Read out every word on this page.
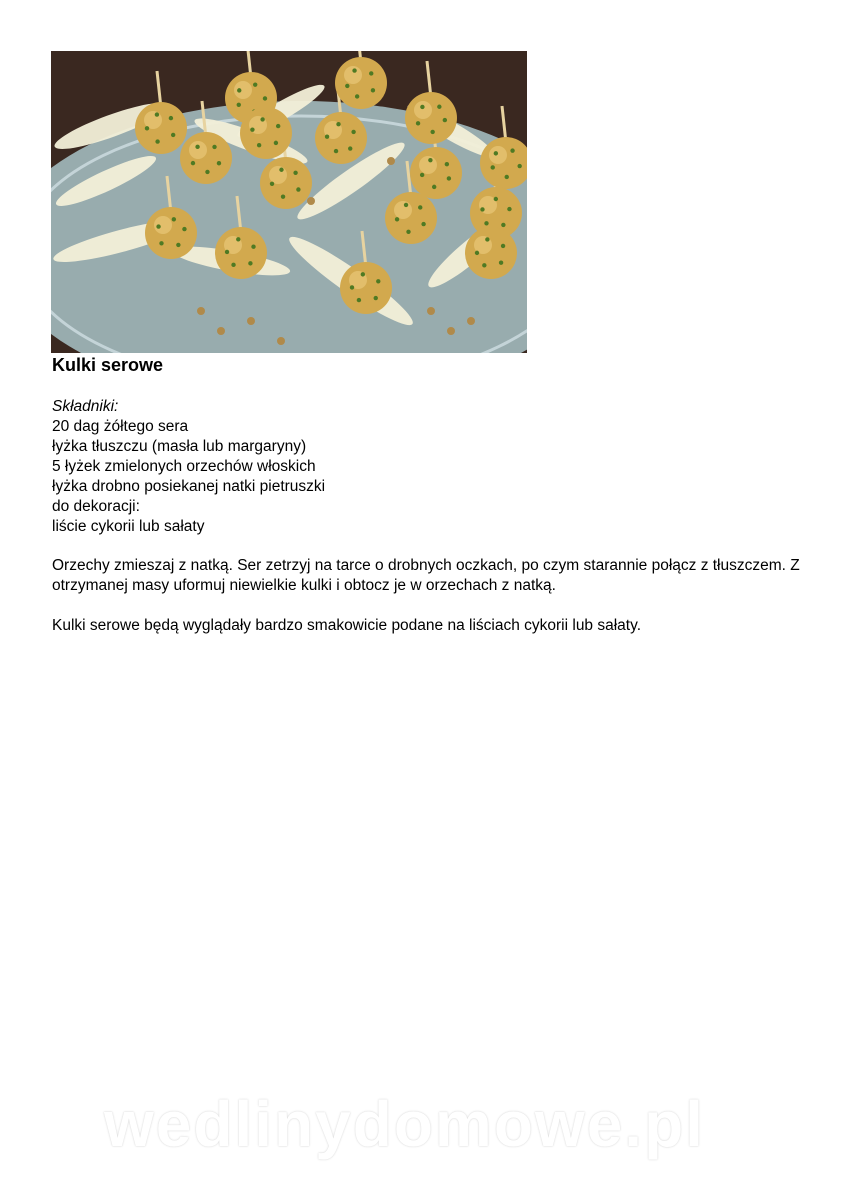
Kulki serowe
Składniki:
20 dag żółtego sera
łyżka tłuszczu (masła lub margaryny)
5 łyżek zmielonych orzechów włoskich
łyżka drobno posiekanej natki pietruszki
do dekoracji:
liście cykorii lub sałaty

Orzechy zmieszaj z natką. Ser zetrzyj na tarce o drobnych oczkach, po czym starannie połącz z tłuszczem. Z otrzymanej masy uformuj niewielkie kulki i obtocz je w orzechach z natką.

Kulki serowe będą wyglądały bardzo smakowicie podane na liściach cykorii lub sałaty.

wedlinydomowe.pl
